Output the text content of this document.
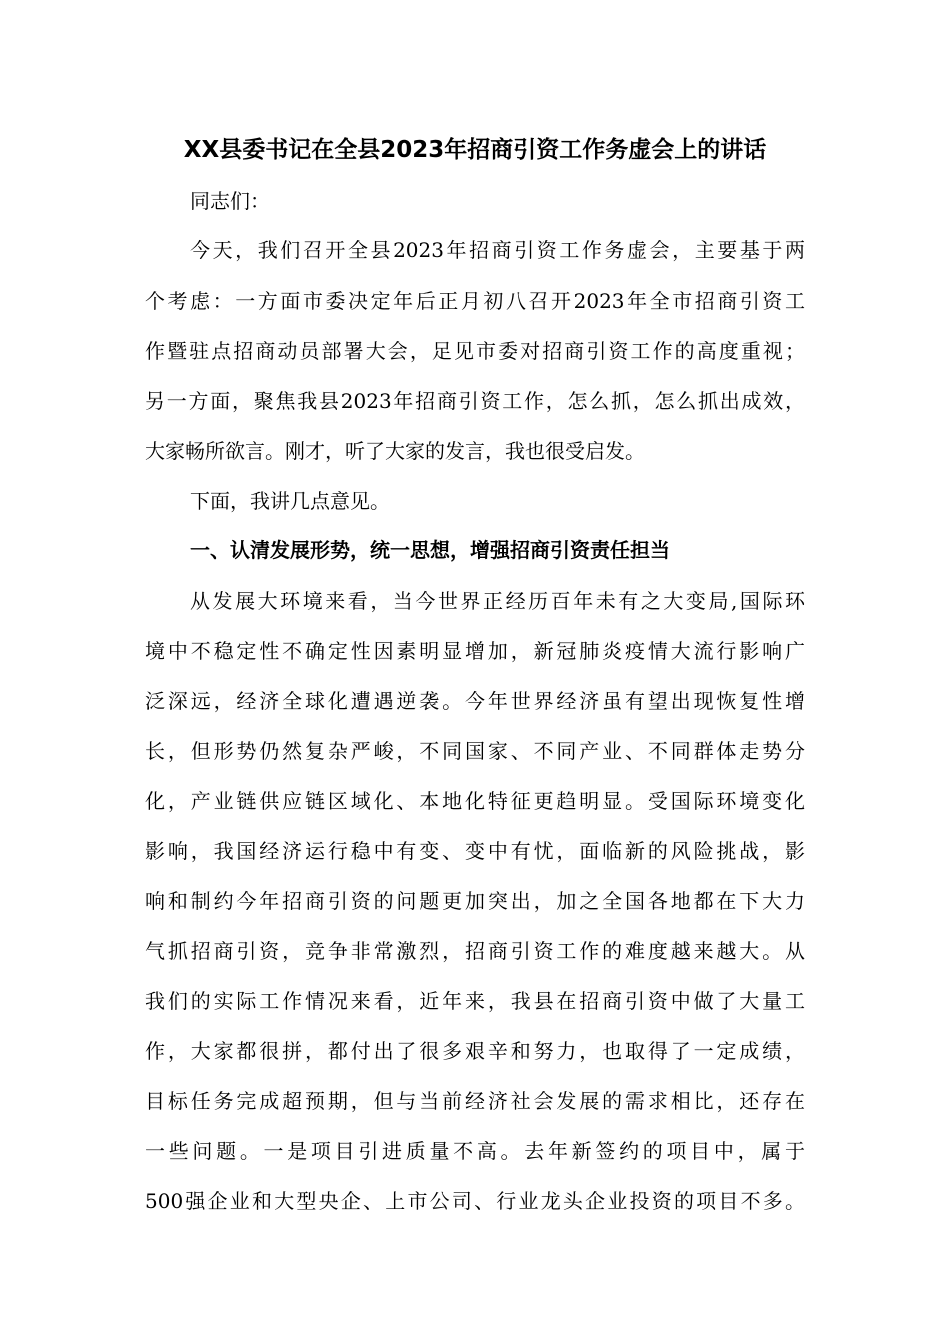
XX县委书记在全县2023年招商引资工作务虚会上的讲话
同志们：
今天，我们召开全县2023年招商引资工作务虚会，主要基于两
个考虑：一方面市委决定年后正月初八召开2023年全市招商引资工
作暨驻点招商动员部署大会，足见市委对招商引资工作的高度重视；
另一方面，聚焦我县2023年招商引资工作，怎么抓，怎么抓出成效，
大家畅所欲言。刚才，听了大家的发言，我也很受启发。
下面，我讲几点意见。
一、认清发展形势，统一思想，增强招商引资责任担当
从发展大环境来看，当今世界正经历百年未有之大变局,国际环
境中不稳定性不确定性因素明显增加，新冠肺炎疫情大流行影响广
泛深远，经济全球化遭遇逆袭。今年世界经济虽有望出现恢复性增
长，但形势仍然复杂严峻，不同国家、不同产业、不同群体走势分
化，产业链供应链区域化、本地化特征更趋明显。受国际环境变化
影响，我国经济运行稳中有变、变中有忧，面临新的风险挑战，影
响和制约今年招商引资的问题更加突出，加之全国各地都在下大力
气抓招商引资，竞争非常激烈，招商引资工作的难度越来越大。从
我们的实际工作情况来看，近年来，我县在招商引资中做了大量工
作，大家都很拼，都付出了很多艰辛和努力，也取得了一定成绩，
目标任务完成超预期，但与当前经济社会发展的需求相比，还存在
一些问题。一是项目引进质量不高。去年新签约的项目中，属于
500强企业和大型央企、上市公司、行业龙头企业投资的项目不多。
